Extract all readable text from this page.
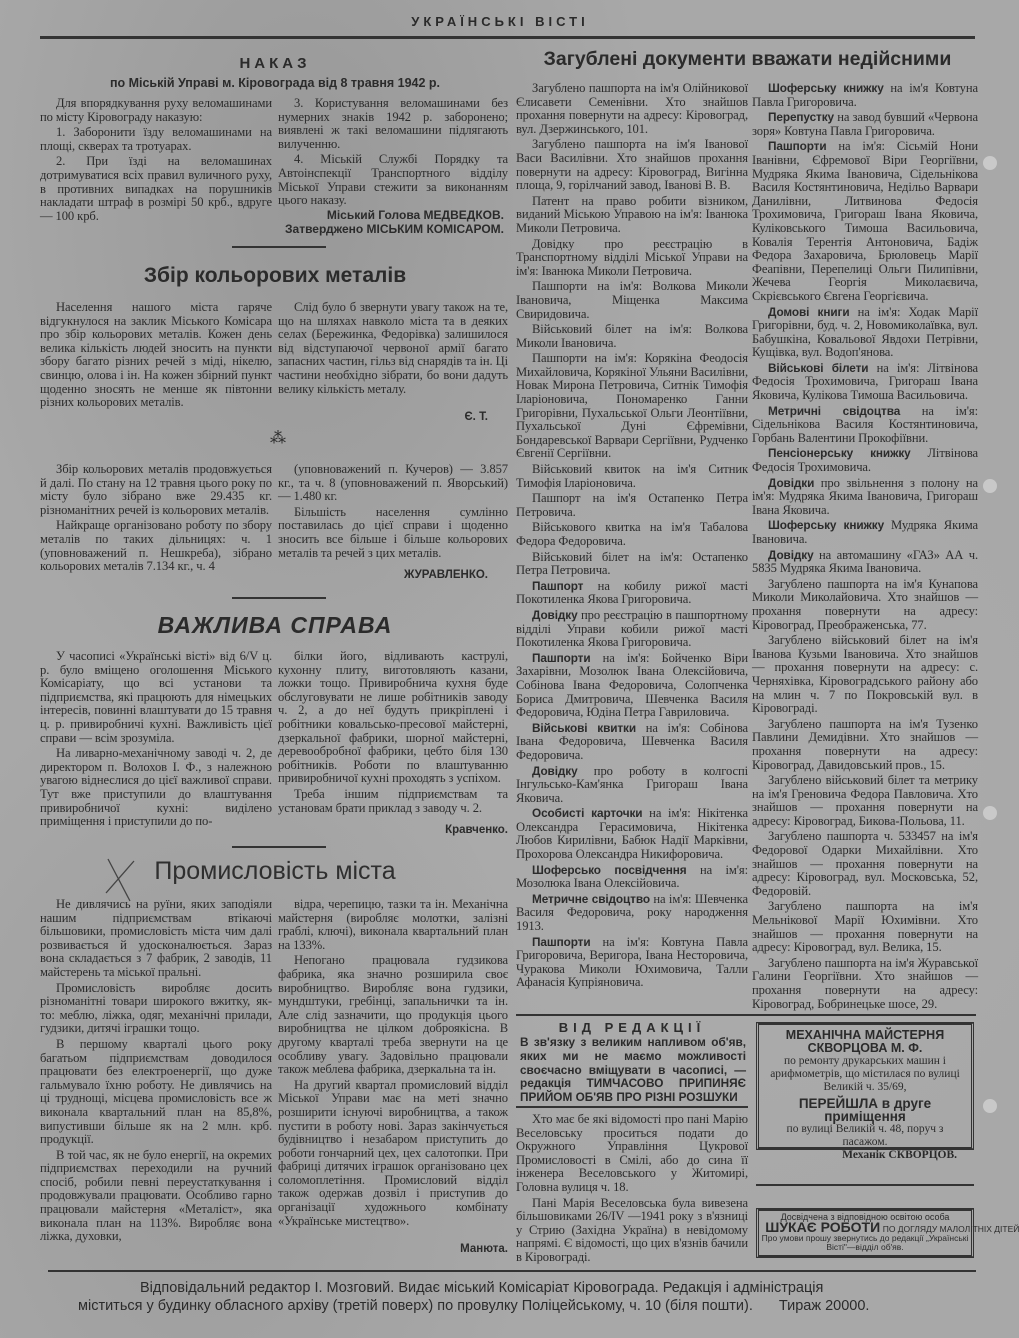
УКРАЇНСЬКІ ВІСТІ
НАКАЗ
по Міській Управі м. Кіровограда від 8 травня 1942 р.

Для впорядкування руху веломашинами по місту Кіровограду наказую:

1. Заборонити їзду веломашинами на площі, скверах та тротуарах.

2. При їзді на веломашинах дотримуватися всіх правил вуличного руху, в противних випадках на порушників накладати штраф в розмірі 50 крб., вдруге — 100 крб.

3. Користування веломашинами без нумерних знаків 1942 р. заборонено; виявлені ж такі веломашини підлягають вилученню.

4. Міській Службі Порядку та Автоінспекції Транспортного відділу Міської Управи стежити за виконанням цього наказу.

Міський Голова МЕДВЕДКОВ.
Затверджено МІСЬКИМ КОМІСАРОМ.
Збір кольорових металів

Населення нашого міста гаряче відгукнулося на заклик Міського Комісара про збір кольорових металів. Кожен день велика кількість людей зносить на пункти збору багато різних речей з міді, нікелю, свинцю, олова і ін. На кожен збірний пункт щоденно зносять не менше як півтонни різних кольорових металів.

Слід було б звернути увагу також на те, що на шляхах навколо міста та в деяких селах (Бережинка, Федорівка) залишилося від відступаючої червоної армії багато запасних частин, гільз від снарядів та ін. Ці частини необхідно зібрати, бо вони дадуть велику кількість металу.

Є. Т.
⁂

Збір кольорових металів продовжується й далі. По стану на 12 травня цього року по місту було зібрано вже 29.435 кг. різноманітних речей із кольорових металів.

Найкраще організовано роботу по збору металів по таких дільницях: ч. 1 (уповноважений п. Нешкреба), зібрано кольорових металів 7.134 кг., ч. 4

(уповноважений п. Кучеров) — 3.857 кг., та ч. 8 (уповноважений п. Яворський) — 1.480 кг.

Більшість населення сумлінно поставилась до цієї справи і щоденно зносить все більше і більше кольорових металів та речей з цих металів.

ЖУРАВЛЕНКО.
ВАЖЛИВА СПРАВА

У часописі «Українські вісті» від 6/V ц. р. було вміщено оголошення Міського Комісаріату, що всі установи та підприємства, які працюють для німецьких інтересів, повинні влаштувати до 15 травня ц. р. привиробничі кухні. Важливість цієї справи — всім зрозуміла.

На ливарно-механічному заводі ч. 2, де директором п. Волохов І. Ф., з належною увагою віднеслися до цієї важливої справи. Тут вже приступили до влаштування привиробничої кухні: виділено приміщення і приступили до по-

білки його, відливають каструлі, кухонну плиту, виготовляють казани, ложки тощо. Привиробнича кухня буде обслуговувати не лише робітників заводу ч. 2, а до неї будуть прикріплені і робітники ковальсько-пресової майстерні, дзеркальної фабрики, шорної майстерні, деревообробної фабрики, цебто біля 130 робітників. Роботи по влаштуванню привиробничої кухні проходять з успіхом.

Треба іншим підприємствам та установам брати приклад з заводу ч. 2.

Кравченко.
Промисловість міста

Не дивлячись на руїни, яких заподіяли нашим підприємствам втікаючі більшовики, промисловість міста чим далі розвивається й удосконалюється. Зараз вона складається з 7 фабрик, 2 заводів, 11 майстерень та міської пральні.

Промисловість виробляє досить різноманітні товари широкого вжитку, як-то: меблю, ліжка, одяг, механічні прилади, гудзики, дитячі іграшки тощо.

В першому кварталі цього року багатьом підприємствам доводилося працювати без електроенергії, що дуже гальмувало їхню роботу. Не дивлячись на ці труднощі, місцева промисловість все ж виконала квартальний план на 85,8%, випустивши більше як на 2 млн. крб. продукції.

В той час, як не було енергії, на окремих підприємствах переходили на ручний спосіб, робили певні переустаткування і продовжували працювати. Особливо гарно працювали майстерня «Металіст», яка виконала план на 113%. Виробляє вона ліжка, духовки,

відра, черепицю, тазки та ін. Механічна майстерня (виробляє молотки, залізні граблі, ключі), виконала квартальний план на 133%.

Непогано працювала гудзикова фабрика, яка значно розширила своє виробництво. Виробляє вона гудзики, мундштуки, гребінці, запальнички та ін. Але слід зазначити, що продукція цього виробництва не цілком доброякісна. В другому кварталі треба звернути на це особливу увагу. Задовільно працювали також меблева фабрика, дзеркальна та ін.

На другий квартал промисловий відділ Міської Управи має на меті значно розширити існуючі виробництва, а також пустити в роботу нові. Зараз закінчується будівництво і незабаром приступить до роботи гончарний цех, цех салотопки. При фабриці дитячих іграшок організовано цех соломоплетіння. Промисловий відділ також одержав дозвіл і приступив до організації художнього комбінату «Українське мистецтво».

Манюта.
Загублені документи вважати недійсними

Загублено пашпорта на ім'я Олійникової Єлисавети Семенівни. Хто знайшов прохання повернути на адресу: Кіровоград, вул. Дзержинського, 101.

Загублено пашпорта на ім'я Іванової Васи Василівни. Хто знайшов прохання повернути на адресу: Кіровоград, Вигінна площа, 9, горілчаний завод, Іванові В. В.

Патент на право робити візником, виданий Міською Управою на ім'я: Іванюка Миколи Петровича.

Довідку про реєстрацію в Транспортному відділі Міської Управи на ім'я: Іванюка Миколи Петровича.

Пашпорти на ім'я: Волкова Миколи Івановича, Міщенка Максима Свиридовича.

Військовий білет на ім'я: Волкова Миколи Івановича.

Пашпорти на ім'я: Корякіна Феодосія Михайловича, Корякіної Ульяни Василівни, Новак Мирона Петровича, Ситнік Тимофія Іларіоновича, Пономаренко Ганни Григорівни, Пухальської Ольги Леонтіївни, Пухальської Дуні Єфремівни, Бондаревської Варвари Сергіївни, Рудченко Євгенії Сергіївни.

Військовий квиток на ім'я Ситник Тимофія Іларіоновича.

Пашпорт на ім'я Остапенко Петра Петровича.

Військового квитка на ім'я Табалова Федора Федоровича.

Військовий білет на ім'я: Остапенко Петра Петровича.

Пашпорт на кобилу рижої масті Покотиленка Якова Григоровича.

Довідку про реєстрацію в пашпортному відділі Управи кобили рижої масті Покотиленка Якова Григоровича.

Пашпорти на ім'я: Бойченко Віри Захарівни, Мозолюк Івана Олексійовича, Собінова Івана Федоровича, Солопченка Бориса Дмитровича, Шевченка Василя Федоровича, Юдіна Петра Гавриловича.

Військові квитки на ім'я: Собінова Івана Федоровича, Шевченка Василя Федоровича.

Довідку про роботу в колгоспі Інгульсько-Кам'янка Григораш Івана Яковича.

Особисті карточки на ім'я: Нікітенка Олександра Герасимовича, Нікітенка Любов Кирилівни, Бабюк Надії Марківни, Прохорова Олександра Никифоровича.

Шоферсько посвідчення на ім'я: Мозолюка Івана Олексійовича.

Метричне свідоцтво на ім'я: Шевченка Василя Федоровича, року народження 1913.

Пашпорти на ім'я: Ковтуна Павла Григоровича, Веригора, Івана Несторовича, Чуракова Миколи Юхимовича, Талли Афанасія Купріяновича.

Шоферську книжку на ім'я Ковтуна Павла Григоровича.

Перепустку на завод бувший «Червона зоря» Ковтуна Павла Григоровича.

Пашпорти на ім'я: Сісьмій Нони Іванівни, Єфремової Віри Георгіївни, Мудряка Якима Івановича, Сідельнікова Василя Костянтиновича, Недільо Варвари Данилівни, Литвинова Федосія Трохимовича, Григораш Івана Яковича, Куліковського Тимоша Васильовича, Ковалія Терентія Антоновича, Бадіж Федора Захаровича, Брюловець Марії Феапівни, Перепелиці Ольги Пилипівни, Жечева Георгія Миколаєвича, Скрієвського Євгена Георгієвича.

Домові книги на ім'я: Ходак Марії Григорівни, буд. ч. 2, Новомиколаївка, вул. Бабушкіна, Ковальової Явдохи Петрівни, Кущівка, вул. Водоп'янова.

Військові білети на ім'я: Літвінова Федосія Трохимовича, Григораш Івана Яковича, Кулікова Тимоша Васильовича.

Метричні свідоцтва на ім'я: Сідельнікова Василя Костянтиновича, Горбань Валентини Прокофіївни.

Пенсіонерську книжку Літвінова Федосія Трохимовича.

Довідки про звільнення з полону на ім'я: Мудряка Якима Івановича, Григораш Івана Яковича.

Шоферську книжку Мудряка Якима Івановича.

Довідку на автомашину «ГАЗ» АА ч. 5835 Мудряка Якима Івановича.

Загублено пашпорта на ім'я Кунапова Миколи Миколайовича. Хто знайшов — прохання повернути на адресу: Кіровоград, Преображенська, 77.

Загублено військовий білет на ім'я Іванова Кузьми Івановича. Хто знайшов — прохання повернути на адресу: с. Черняхівка, Кіровоградського району або на млин ч. 7 по Покровській вул. в Кіровограді.

Загублено пашпорта на ім'я Тузенко Павлини Демидівни. Хто знайшов — прохання повернути на адресу: Кіровоград, Давидовський пров., 15.

Загублено військовий білет та метрику на ім'я Греновича Федора Павловича. Хто знайшов — прохання повернути на адресу: Кіровоград, Бикова-Польова, 11.

Загублено пашпорта ч. 533457 на ім'я Федорової Одарки Михайлівни. Хто знайшов — прохання повернути на адресу: Кіровоград, вул. Московська, 52, Федоровій.

Загублено пашпорта на ім'я Мельнікової Марії Юхимівни. Хто знайшов — прохання повернути на адресу: Кіровоград, вул. Велика, 15.

Загублено пашпорта на ім'я Журавської Галини Георгіївни. Хто знайшов — прохання повернути на адресу: Кіровоград, Бобринецьке шосе, 29.

ВІД РЕДАКЦІЇ
В зв'язку з великим напливом об'яв, яких ми не маємо можливості своєчасно вміщувати в часописі, — редакція ТИМЧАСОВО ПРИПИНЯЄ ПРИЙОМ ОБ'ЯВ ПРО РІЗНІ РОЗШУКИ

Хто має бе які відомості про пані Марію Веселовську проситься подати до Окружного Управління Цукрової Промисловості в Смілі, або до сина її інженера Веселовського у Житомирі, Головна вулиця ч. 18.

Пані Марія Веселовська була вивезена більшовиками 26/IV —1941 року з в'язниці у Стрию (Західна Україна) в невідомому напрямі. Є відомості, що цих в'язнів бачили в Кіровограді.

МЕХАНІЧНА МАЙСТЕРНЯ
СКВОРЦОВА М. Ф.
по ремонту друкарських машин і арифмометрів, що містилася по вулиці Великій ч. 35/69,
ПЕРЕЙШЛА в друге приміщення
по вулиці Великій ч. 48, поруч з пасажом.
Механік СКВОРЦОВ.
Досвідчена з відповідною освітою особа
ШУКАЄ РОБОТИ ПО ДОГЛЯДУ МАЛОЛІТНІХ ДІТЕЙ
Про умови прошу звернутись до редакції „Українські Вісті"—відділ об'яв.
Відповідальний редактор І. Мозговий. Видає міський Комісаріат Кіровограда. Редакція і адміністрація
міститься у будинку обласного архіву (третій поверх) по провулку Поліцейському, ч. 10 (біля пошти). Тираж 20000.
